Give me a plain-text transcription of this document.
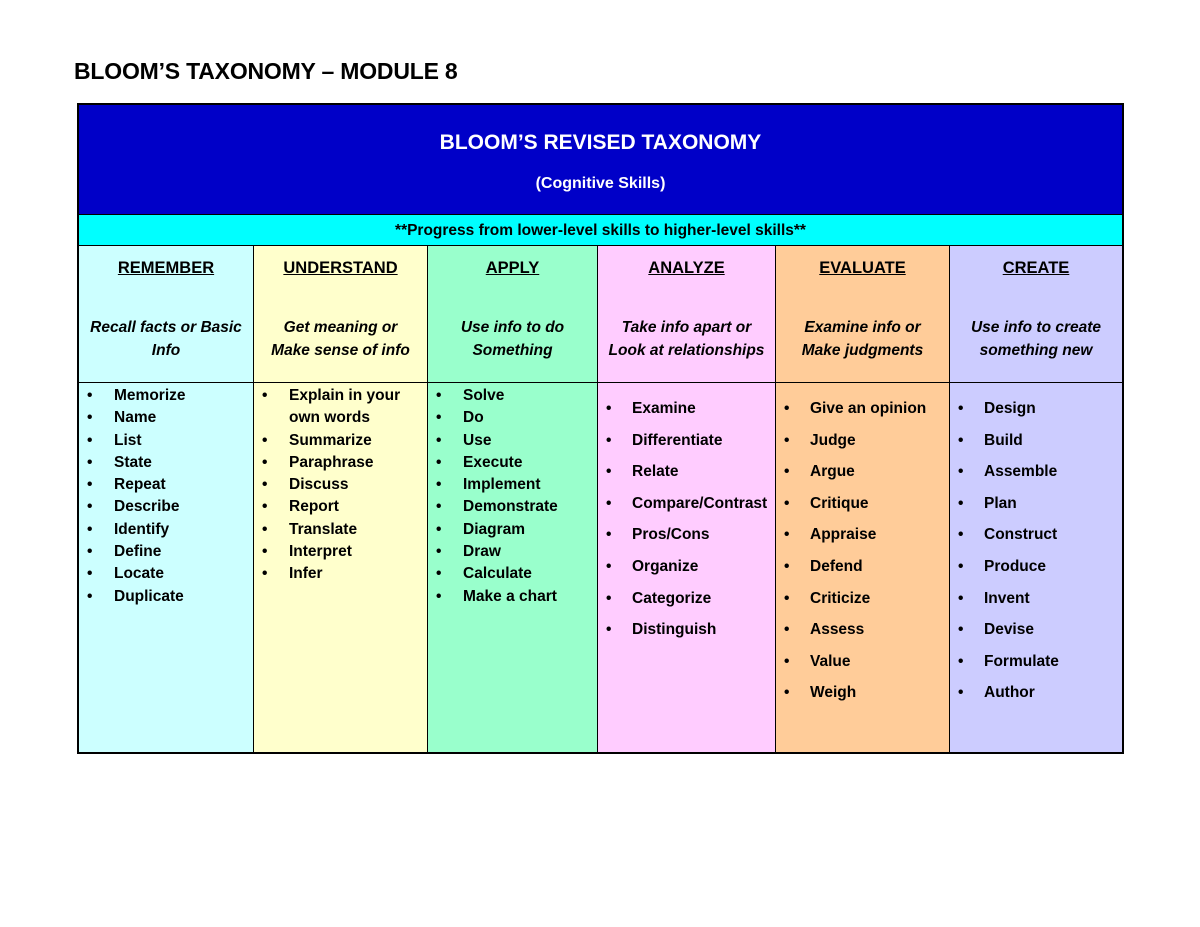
BLOOM’S TAXONOMY – MODULE 8
BLOOM’S REVISED TAXONOMY
(Cognitive Skills)
**Progress from lower-level skills to higher-level skills**
REMEMBER
Recall facts or Basic
Info
• Memorize
• Name
• List
• State
• Repeat
• Describe
• Identify
• Define
• Locate
• Duplicate
UNDERSTAND
Get meaning or
Make sense of info
• Explain in your own words
• Summarize
• Paraphrase
• Discuss
• Report
• Translate
• Interpret
• Infer
APPLY
Use info to do
Something
• Solve
• Do
• Use
• Execute
• Implement
• Demonstrate
• Diagram
• Draw
• Calculate
• Make a chart
ANALYZE
Take info apart or
Look at relationships
• Examine
• Differentiate
• Relate
• Compare/Contrast
• Pros/Cons
• Organize
• Categorize
• Distinguish
EVALUATE
Examine info or
Make judgments
• Give an opinion
• Judge
• Argue
• Critique
• Appraise
• Defend
• Criticize
• Assess
• Value
• Weigh
CREATE
Use info to create
something new
• Design
• Build
• Assemble
• Plan
• Construct
• Produce
• Invent
• Devise
• Formulate
• Author
